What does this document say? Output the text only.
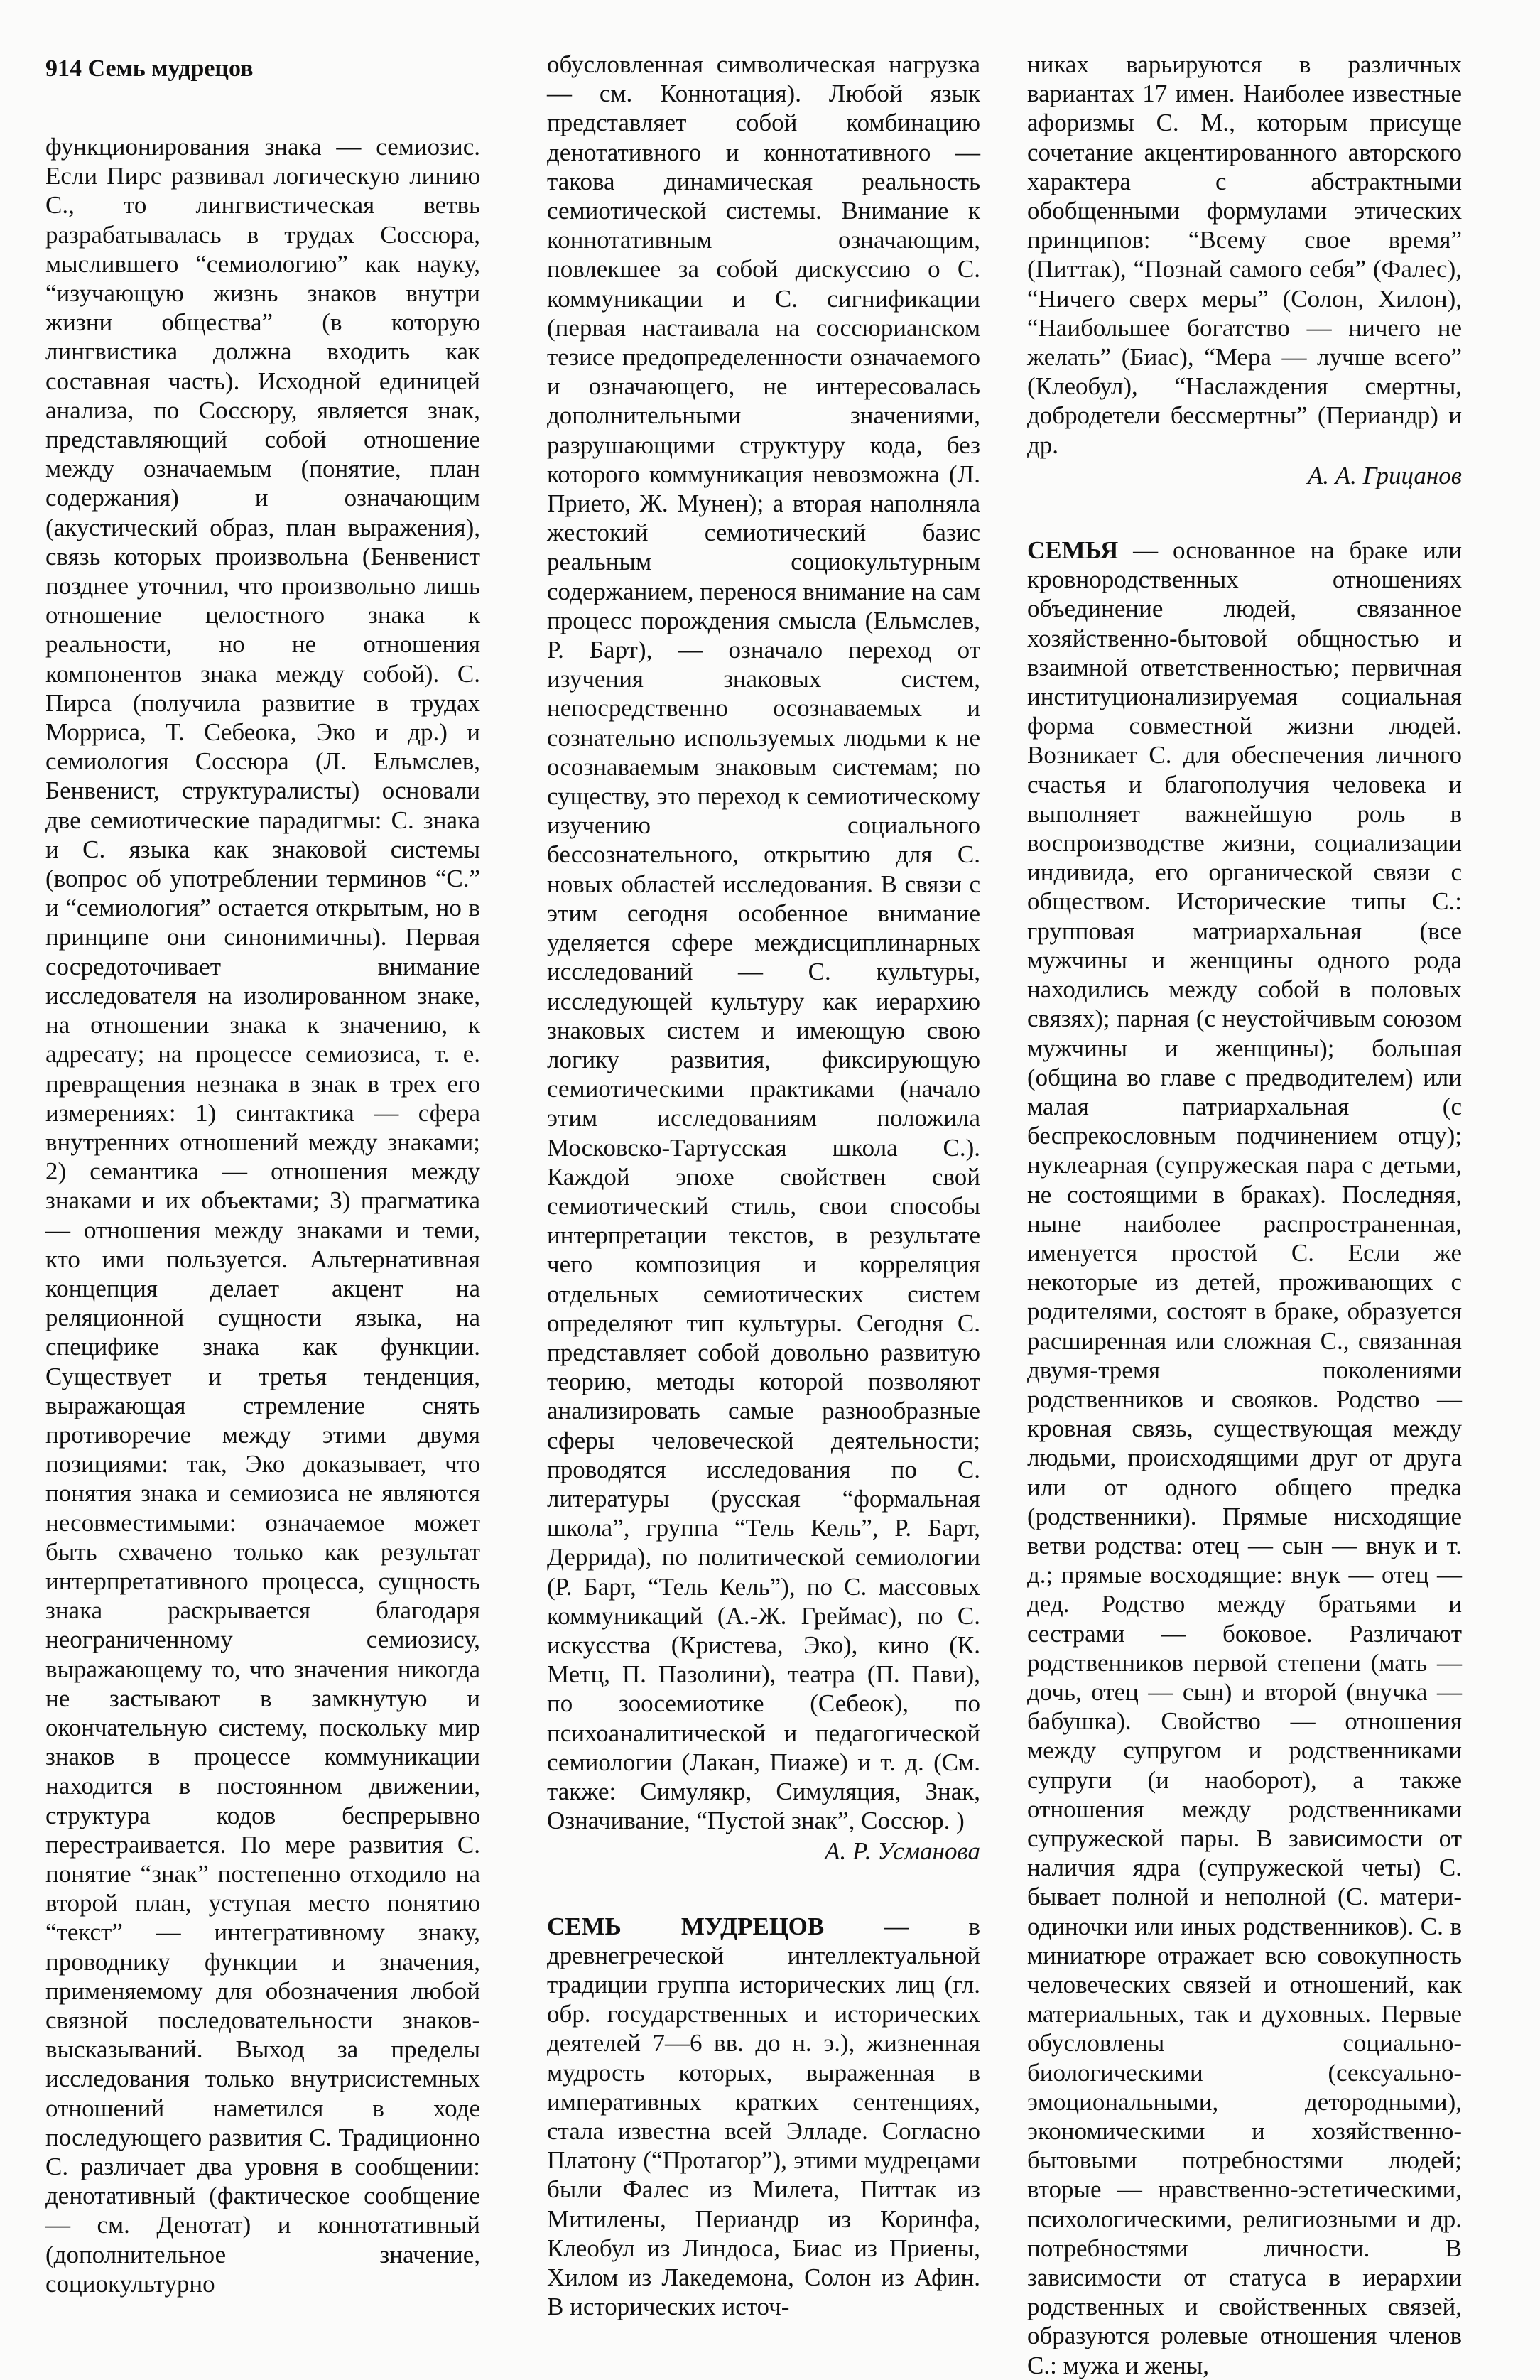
914 Семь мудрецов

функционирования знака — семиозис. Если Пирс развивал логическую линию С., то лингвистическая ветвь разрабатывалась в трудах Соссюра, мыслившего “семиологию” как науку, “изучающую жизнь знаков внутри жизни общества” (в которую лингвистика должна входить как составная часть). Исходной единицей анализа, по Соссюру, является знак, представляющий собой отношение между означаемым (понятие, план содержания) и означающим (акустический образ, план выражения), связь которых произвольна (Бенвенист позднее уточнил, что произвольно лишь отношение целостного знака к реальности, но не отношения компонентов знака между собой). С. Пирса (получила развитие в трудах Морриса, Т. Себеока, Эко и др.) и семиология Соссюра (Л. Ельмслев, Бенвенист, структуралисты) основали две семиотические парадигмы: С. знака и С. языка как знаковой системы (вопрос об употреблении терминов “С.” и “семиология” остается открытым, но в принципе они синонимичны). Первая сосредоточивает внимание исследователя на изолированном знаке, на отношении знака к значению, к адресату; на процессе семиозиса, т. е. превращения незнака в знак в трех его измерениях: 1) синтактика — сфера внутренних отношений между знаками; 2) семантика — отношения между знаками и их объектами; 3) прагматика — отношения между знаками и теми, кто ими пользуется. Альтернативная концепция делает акцент на реляционной сущности языка, на специфике знака как функции. Существует и третья тенденция, выражающая стремление снять противоречие между этими двумя позициями: так, Эко доказывает, что понятия знака и семиозиса не являются несовместимыми: означаемое может быть схвачено только как результат интерпретативного процесса, сущность знака раскрывается благодаря неограниченному семиозису, выражающему то, что значения никогда не застывают в замкнутую и окончательную систему, поскольку мир знаков в процессе коммуникации находится в постоянном движении, структура кодов беспрерывно перестраивается. По мере развития С. понятие “знак” постепенно отходило на второй план, уступая место понятию “текст” — интегративному знаку, проводнику функции и значения, применяемому для обозначения любой связной последовательности знаков-высказываний. Выход за пределы исследования только внутрисистемных отношений наметился в ходе последующего развития С. Традиционно С. различает два уровня в сообщении: денотативный (фактическое сообщение — см. Денотат) и коннотативный (дополнительное значение, социокультурно

обусловленная символическая нагрузка — см. Коннотация). Любой язык представляет собой комбинацию денотативного и коннотативного — такова динамическая реальность семиотической системы. Внимание к коннотативным означающим, повлекшее за собой дискуссию о С. коммуникации и С. сигнификации (первая настаивала на соссюрианском тезисе предопределенности означаемого и означающего, не интересовалась дополнительными значениями, разрушающими структуру кода, без которого коммуникация невозможна (Л. Прието, Ж. Мунен); а вторая наполняла жестокий семиотический базис реальным социокультурным содержанием, перенося внимание на сам процесс порождения смысла (Ельмслев, Р. Барт), — означало переход от изучения знаковых систем, непосредственно осознаваемых и сознательно используемых людьми к не осознаваемым знаковым системам; по существу, это переход к семиотическому изучению социального бессознательного, открытию для С. новых областей исследования. В связи с этим сегодня особенное внимание уделяется сфере междисциплинарных исследований — С. культуры, исследующей культуру как иерархию знаковых систем и имеющую свою логику развития, фиксирующую семиотическими практиками (начало этим исследованиям положила Московско-Тартусская школа С.). Каждой эпохе свойствен свой семиотический стиль, свои способы интерпретации текстов, в результате чего композиция и корреляция отдельных семиотических систем определяют тип культуры. Сегодня С. представляет собой довольно развитую теорию, методы которой позволяют анализировать самые разнообразные сферы человеческой деятельности; проводятся исследования по С. литературы (русская “формальная школа”, группа “Тель Кель”, Р. Барт, Деррида), по политической семиологии (Р. Барт, “Тель Кель”), по С. массовых коммуникаций (А.-Ж. Греймас), по С. искусства (Кристева, Эко), кино (К. Метц, П. Пазолини), театра (П. Пави), по зоосемиотике (Себеок), по психоаналитической и педагогической семиологии (Лакан, Пиаже) и т. д. (См. также: Симулякр, Симуляция, Знак, Означивание, “Пустой знак”, Соссюр. )

А. Р. Усманова

СЕМЬ МУДРЕЦОВ — в древнегреческой интеллектуальной традиции группа исторических лиц (гл. обр. государственных и исторических деятелей 7—6 вв. до н. э.), жизненная мудрость которых, выраженная в императивных кратких сентенциях, стала известна всей Элладе. Согласно Платону (“Протагор”), этими мудрецами были Фалес из Милета, Питтак из Митилены, Периандр из Коринфа, Клеобул из Линдоса, Биас из Приены, Хилом из Лакедемона, Солон из Афин. В исторических источ-

никах варьируются в различных вариантах 17 имен. Наиболее известные афоризмы С. М., которым присуще сочетание акцентированного авторского характера с абстрактными обобщенными формулами этических принципов: “Всему свое время” (Питтак), “Познай самого себя” (Фалес), “Ничего сверх меры” (Солон, Хилон), “Наибольшее богатство — ничего не желать” (Биас), “Мера — лучше всего” (Клеобул), “Наслаждения смертны, добродетели бессмертны” (Периандр) и др.

А. А. Грицанов

СЕМЬЯ — основанное на браке или кровнородственных отношениях объединение людей, связанное хозяйственно-бытовой общностью и взаимной ответственностью; первичная институционализируемая социальная форма совместной жизни людей. Возникает С. для обеспечения личного счастья и благополучия человека и выполняет важнейшую роль в воспроизводстве жизни, социализации индивида, его органической связи с обществом. Исторические типы С.: групповая матриархальная (все мужчины и женщины одного рода находились между собой в половых связях); парная (с неустойчивым союзом мужчины и женщины); большая (община во главе с предводителем) или малая патриархальная (с беспрекословным подчинением отцу); нуклеарная (супружеская пара с детьми, не состоящими в браках). Последняя, ныне наиболее распространенная, именуется простой С. Если же некоторые из детей, проживающих с родителями, состоят в браке, образуется расширенная или сложная С., связанная двумя-тремя поколениями родственников и свояков. Родство — кровная связь, существующая между людьми, происходящими друг от друга или от одного общего предка (родственники). Прямые нисходящие ветви родства: отец — сын — внук и т. д.; прямые восходящие: внук — отец — дед. Родство между братьями и сестрами — боковое. Различают родственников первой степени (мать — дочь, отец — сын) и второй (внучка — бабушка). Свойство — отношения между супругом и родственниками супруги (и наоборот), а также отношения между родственниками супружеской пары. В зависимости от наличия ядра (супружеской четы) С. бывает полной и неполной (С. матери-одиночки или иных родственников). С. в миниатюре отражает всю совокупность человеческих связей и отношений, как материальных, так и духовных. Первые обусловлены социально-биологическими (сексуально-эмоциональными, детородными), экономическими и хозяйственно-бытовыми потребностями людей; вторые — нравственно-эстетическими, психологическими, религиозными и др. потребностями личности. В зависимости от статуса в иерархии родственных и свойственных связей, образуются ролевые отношения членов С.: мужа и жены,
